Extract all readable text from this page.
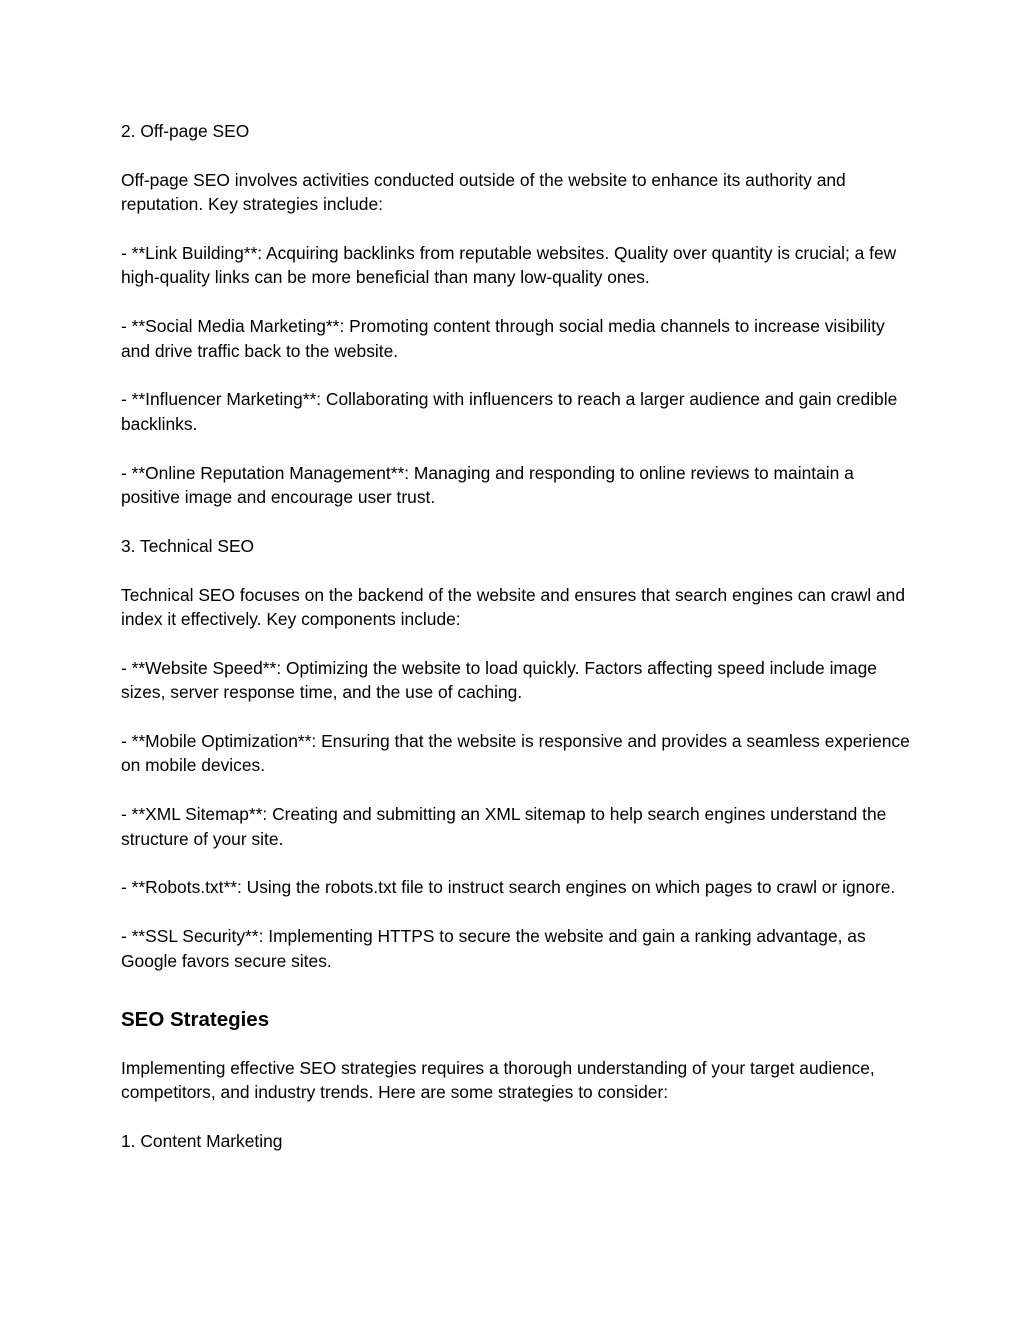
2. Off-page SEO

Off-page SEO involves activities conducted outside of the website to enhance its authority and reputation. Key strategies include:

- **Link Building**: Acquiring backlinks from reputable websites. Quality over quantity is crucial; a few high-quality links can be more beneficial than many low-quality ones.

- **Social Media Marketing**: Promoting content through social media channels to increase visibility and drive traffic back to the website.

- **Influencer Marketing**: Collaborating with influencers to reach a larger audience and gain credible backlinks.

- **Online Reputation Management**: Managing and responding to online reviews to maintain a positive image and encourage user trust.

3. Technical SEO

Technical SEO focuses on the backend of the website and ensures that search engines can crawl and index it effectively. Key components include:

- **Website Speed**: Optimizing the website to load quickly. Factors affecting speed include image sizes, server response time, and the use of caching.

- **Mobile Optimization**: Ensuring that the website is responsive and provides a seamless experience on mobile devices.

- **XML Sitemap**: Creating and submitting an XML sitemap to help search engines understand the structure of your site.

- **Robots.txt**: Using the robots.txt file to instruct search engines on which pages to crawl or ignore.

- **SSL Security**: Implementing HTTPS to secure the website and gain a ranking advantage, as Google favors secure sites.

SEO Strategies

Implementing effective SEO strategies requires a thorough understanding of your target audience, competitors, and industry trends. Here are some strategies to consider:

1. Content Marketing
